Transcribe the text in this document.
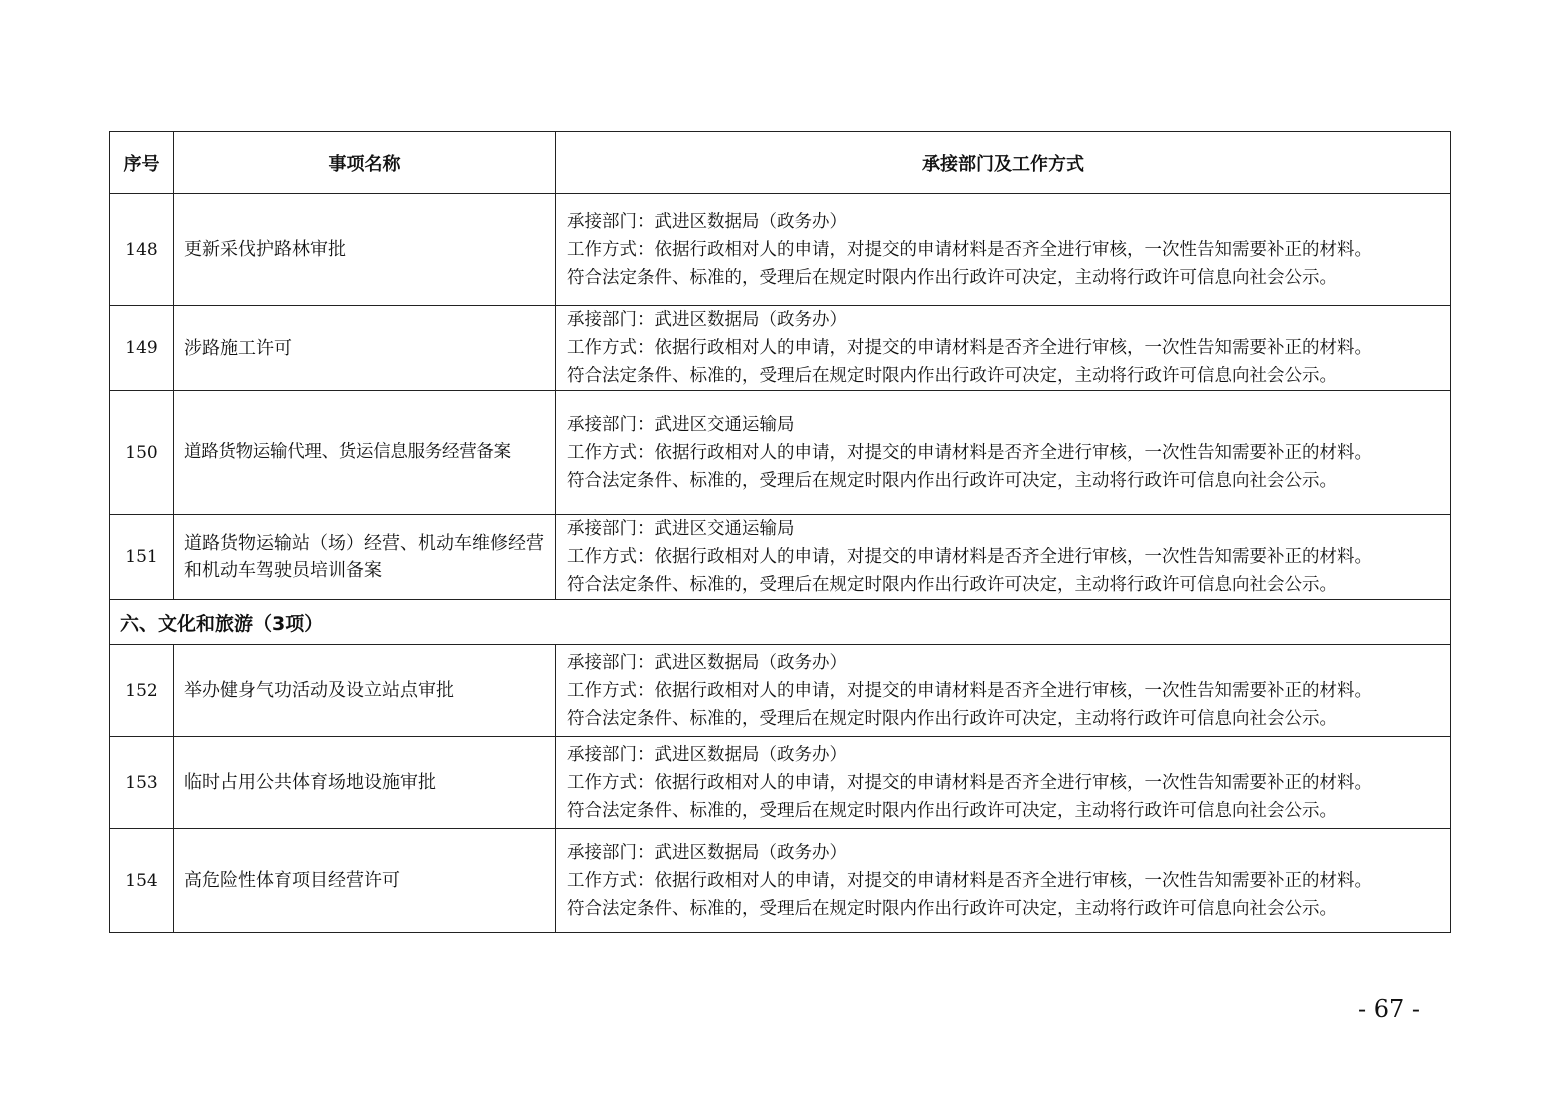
序号	事项名称	承接部门及工作方式
148	更新采伐护路林审批	承接部门：武进区数据局（政务办）
工作方式：依据行政相对人的申请，对提交的申请材料是否齐全进行审核，一次性告知需要补正的材料。
符合法定条件、标准的，受理后在规定时限内作出行政许可决定，主动将行政许可信息向社会公示。

149	涉路施工许可	承接部门：武进区数据局（政务办）
工作方式：依据行政相对人的申请，对提交的申请材料是否齐全进行审核，一次性告知需要补正的材料。
符合法定条件、标准的，受理后在规定时限内作出行政许可决定，主动将行政许可信息向社会公示。

150	道路货物运输代理、货运信息服务经营备案	承接部门：武进区交通运输局
工作方式：依据行政相对人的申请，对提交的申请材料是否齐全进行审核，一次性告知需要补正的材料。
符合法定条件、标准的，受理后在规定时限内作出行政许可决定，主动将行政许可信息向社会公示。

151	道路货物运输站（场）经营、机动车维修经营和机动车驾驶员培训备案	承接部门：武进区交通运输局
工作方式：依据行政相对人的申请，对提交的申请材料是否齐全进行审核，一次性告知需要补正的材料。
符合法定条件、标准的，受理后在规定时限内作出行政许可决定，主动将行政许可信息向社会公示。

六、文化和旅游（3项）		
152	举办健身气功活动及设立站点审批	承接部门：武进区数据局（政务办）
工作方式：依据行政相对人的申请，对提交的申请材料是否齐全进行审核，一次性告知需要补正的材料。
符合法定条件、标准的，受理后在规定时限内作出行政许可决定，主动将行政许可信息向社会公示。

153	临时占用公共体育场地设施审批	承接部门：武进区数据局（政务办）
工作方式：依据行政相对人的申请，对提交的申请材料是否齐全进行审核，一次性告知需要补正的材料。
符合法定条件、标准的，受理后在规定时限内作出行政许可决定，主动将行政许可信息向社会公示。

154	高危险性体育项目经营许可	承接部门：武进区数据局（政务办）
工作方式：依据行政相对人的申请，对提交的申请材料是否齐全进行审核，一次性告知需要补正的材料。
符合法定条件、标准的，受理后在规定时限内作出行政许可决定，主动将行政许可信息向社会公示。
- 67 -
